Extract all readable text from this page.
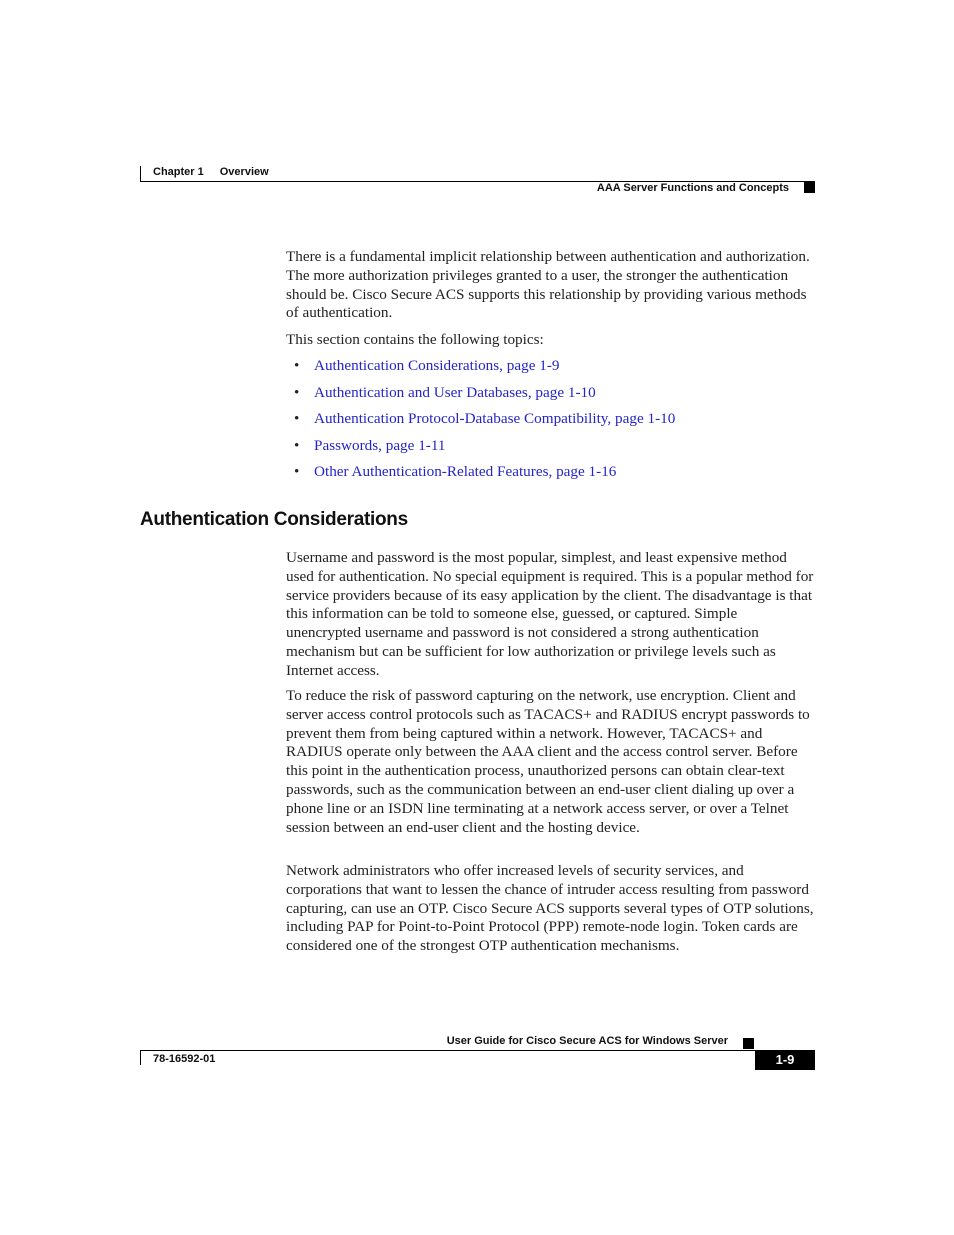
Chapter 1 Overview
AAA Server Functions and Concepts

There is a fundamental implicit relationship between authentication and authorization. The more authorization privileges granted to a user, the stronger the authentication should be. Cisco Secure ACS supports this relationship by providing various methods of authentication.

This section contains the following topics:

• Authentication Considerations, page 1-9
• Authentication and User Databases, page 1-10
• Authentication Protocol-Database Compatibility, page 1-10
• Passwords, page 1-11
• Other Authentication-Related Features, page 1-16
Authentication Considerations

Username and password is the most popular, simplest, and least expensive method used for authentication. No special equipment is required. This is a popular method for service providers because of its easy application by the client. The disadvantage is that this information can be told to someone else, guessed, or captured. Simple unencrypted username and password is not considered a strong authentication mechanism but can be sufficient for low authorization or privilege levels such as Internet access.

To reduce the risk of password capturing on the network, use encryption. Client and server access control protocols such as TACACS+ and RADIUS encrypt passwords to prevent them from being captured within a network. However, TACACS+ and RADIUS operate only between the AAA client and the access control server. Before this point in the authentication process, unauthorized persons can obtain clear-text passwords, such as the communication between an end-user client dialing up over a phone line or an ISDN line terminating at a network access server, or over a Telnet session between an end-user client and the hosting device.

Network administrators who offer increased levels of security services, and corporations that want to lessen the chance of intruder access resulting from password capturing, can use an OTP. Cisco Secure ACS supports several types of OTP solutions, including PAP for Point-to-Point Protocol (PPP) remote-node login. Token cards are considered one of the strongest OTP authentication mechanisms.

User Guide for Cisco Secure ACS for Windows Server
78-16592-01	1-9
